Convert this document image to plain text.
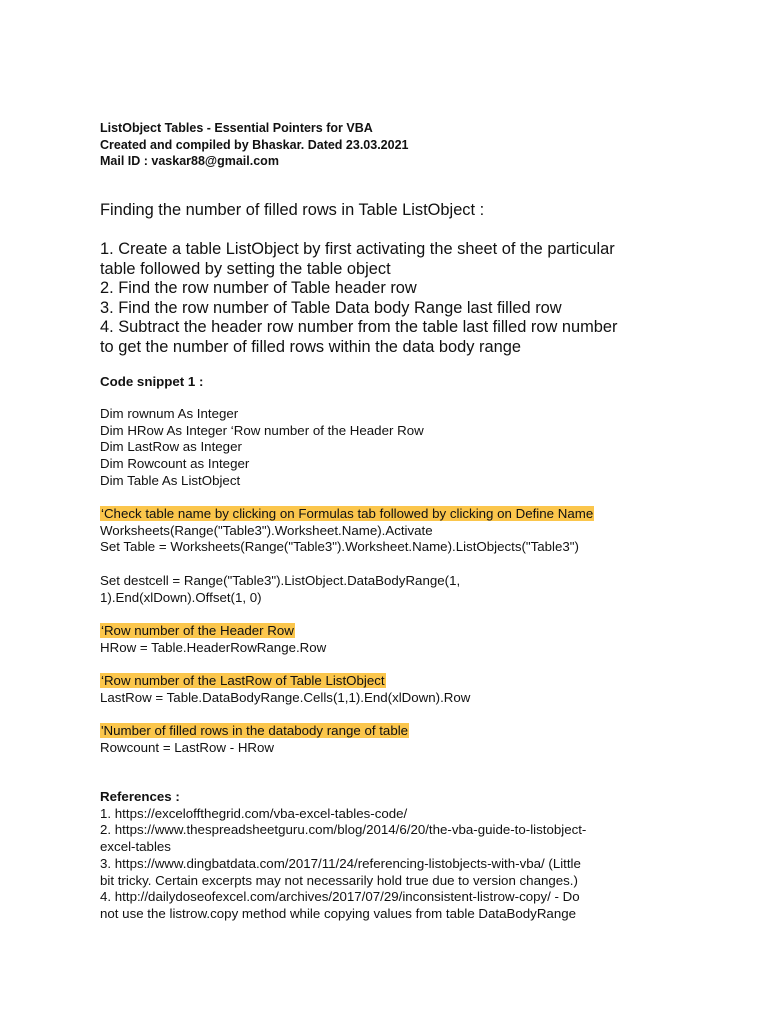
ListObject Tables - Essential Pointers for VBA
Created and compiled by Bhaskar. Dated 23.03.2021
Mail ID : vaskar88@gmail.com
Finding the number of filled rows in Table ListObject :
1. Create a table ListObject by first activating the sheet of the particular
table followed by setting the table object
2. Find the row number of Table header row
3. Find the row number of Table Data body Range last filled row
4. Subtract the header row number from the table last filled row number
to get the number of filled rows within the data body range
Code snippet 1 :
Dim rownum As Integer
Dim HRow As Integer ‘Row number of the Header Row
Dim LastRow as Integer
Dim Rowcount as Integer
Dim Table As ListObject
‘Check table name by clicking on Formulas tab followed by clicking on Define Name
Worksheets(Range("Table3").Worksheet.Name).Activate
Set Table = Worksheets(Range("Table3").Worksheet.Name).ListObjects("Table3")
Set destcell = Range("Table3").ListObject.DataBodyRange(1,
1).End(xlDown).Offset(1, 0)
‘Row number of the Header Row
HRow = Table.HeaderRowRange.Row
‘Row number of the LastRow of Table ListObject
LastRow = Table.DataBodyRange.Cells(1,1).End(xlDown).Row
'Number of filled rows in the databody range of table
Rowcount = LastRow - HRow
References :
1. https://exceloffthegrid.com/vba-excel-tables-code/
2. https://www.thespreadsheetguru.com/blog/2014/6/20/the-vba-guide-to-listobject-
excel-tables
3. https://www.dingbatdata.com/2017/11/24/referencing-listobjects-with-vba/ (Little
bit tricky. Certain excerpts may not necessarily hold true due to version changes.)
4. http://dailydoseofexcel.com/archives/2017/07/29/inconsistent-listrow-copy/ - Do
not use the listrow.copy method while copying values from table DataBodyRange
